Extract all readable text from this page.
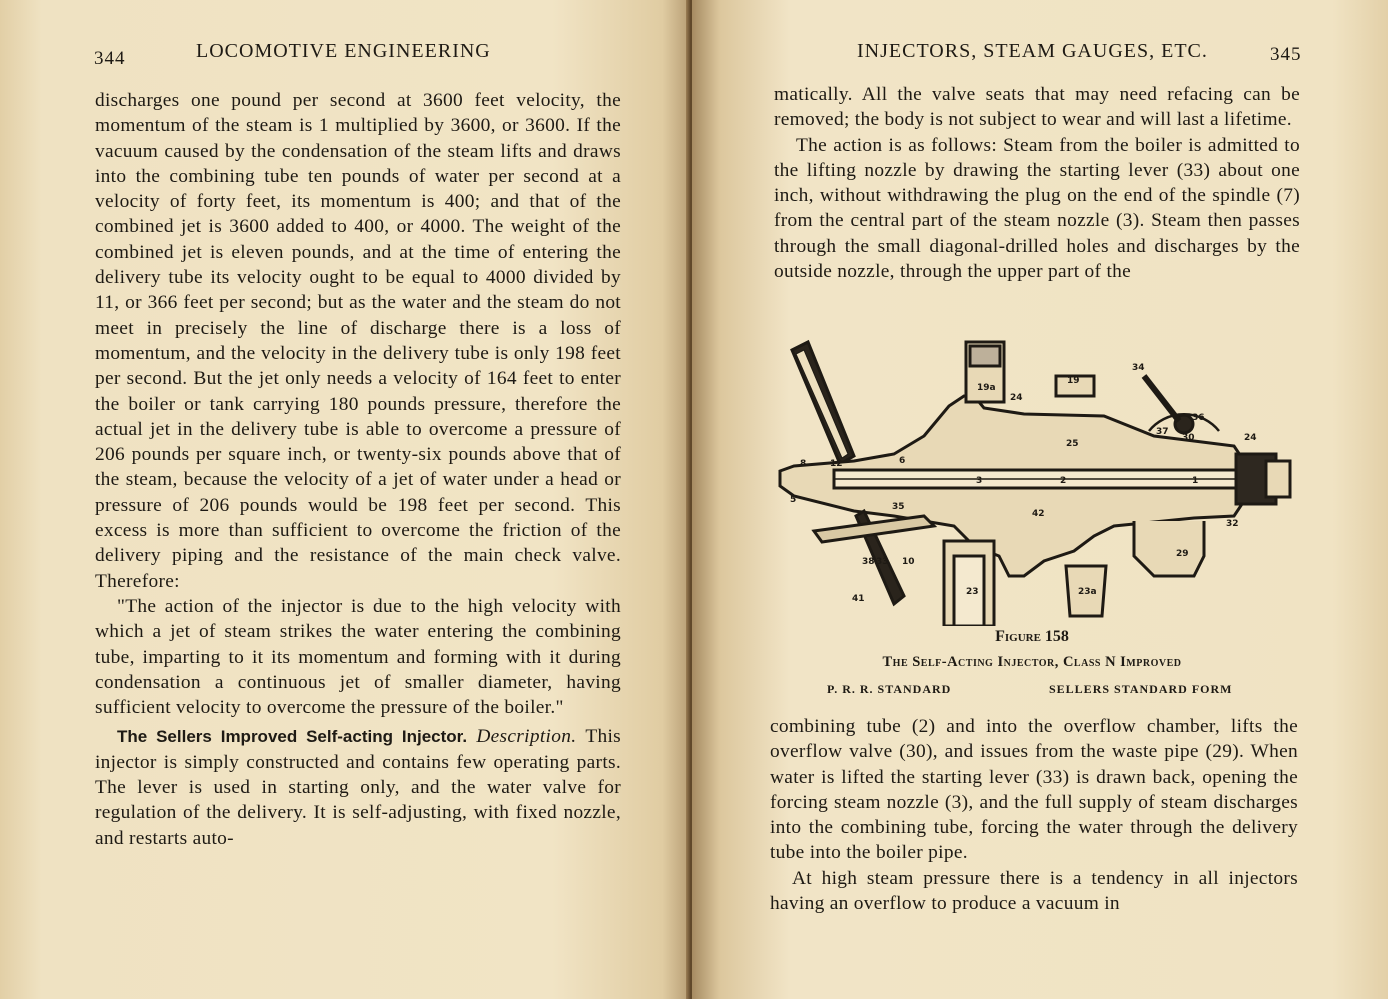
344	LOCOMOTIVE ENGINEERING

discharges one pound per second at 3600 feet velocity, the momentum of the steam is 1 multiplied by 3600, or 3600. If the vacuum caused by the condensation of the steam lifts and draws into the combining tube ten pounds of water per second at a velocity of forty feet, its momentum is 400; and that of the combined jet is 3600 added to 400, or 4000. The weight of the combined jet is eleven pounds, and at the time of entering the delivery tube its velocity ought to be equal to 4000 divided by 11, or 366 feet per second; but as the water and the steam do not meet in precisely the line of discharge there is a loss of momentum, and the velocity in the delivery tube is only 198 feet per second. But the jet only needs a velocity of 164 feet to enter the boiler or tank carrying 180 pounds pressure, therefore the actual jet in the delivery tube is able to overcome a pressure of 206 pounds per square inch, or twenty-six pounds above that of the steam, because the velocity of a jet of water under a head or pressure of 206 pounds would be 198 feet per second. This excess is more than sufficient to overcome the friction of the delivery piping and the resistance of the main check valve. Therefore:

"The action of the injector is due to the high velocity with which a jet of steam strikes the water entering the combining tube, imparting to it its momentum and forming with it during condensation a continuous jet of smaller diameter, having sufficient velocity to overcome the pressure of the boiler."

The Sellers Improved Self-acting Injector. Description. This injector is simply constructed and contains few operating parts. The lever is used in starting only, and the water valve for regulation of the delivery. It is self-adjusting, with fixed nozzle, and restarts auto-

INJECTORS, STEAM GAUGES, ETC.	345

matically. All the valve seats that may need refacing can be removed; the body is not subject to wear and will last a lifetime.

The action is as follows: Steam from the boiler is admitted to the lifting nozzle by drawing the starting lever (33) about one inch, without withdrawing the plug on the end of the spindle (7) from the central part of the steam nozzle (3). Steam then passes through the small diagonal-drilled holes and discharges by the outside nozzle, through the upper part of the

19a
19
34
24
25
36
37
30	24
8	12	6
3	2	1
5
35
42
32
29
38 33 10
23	23a
41
Figure 158
The Self-Acting Injector, Class N Improved
P. R. R. STANDARD	SELLERS STANDARD FORM

combining tube (2) and into the overflow chamber, lifts the overflow valve (30), and issues from the waste pipe (29). When water is lifted the starting lever (33) is drawn back, opening the forcing steam nozzle (3), and the full supply of steam discharges into the combining tube, forcing the water through the delivery tube into the boiler pipe.

At high steam pressure there is a tendency in all injectors having an overflow to produce a vacuum in
